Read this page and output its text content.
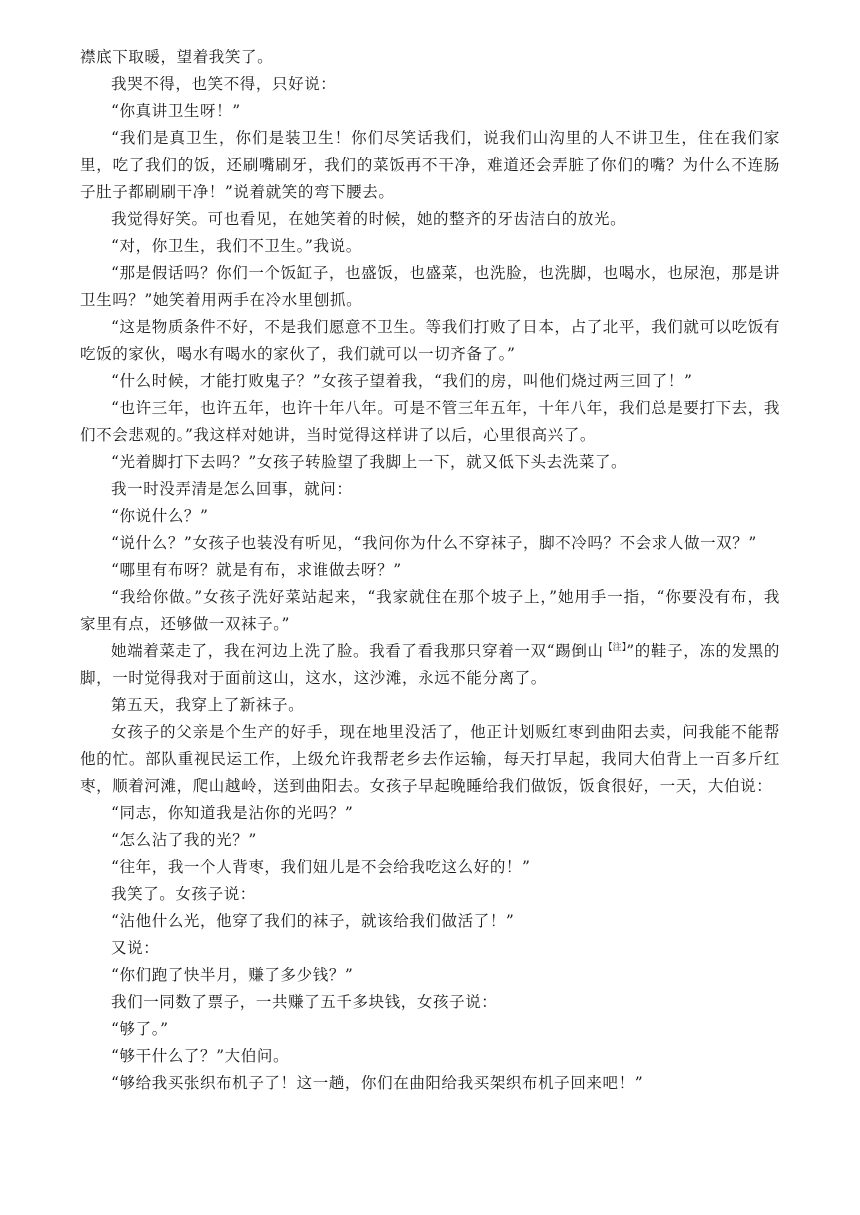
襟底下取暖，望着我笑了。

我哭不得，也笑不得，只好说：

“你真讲卫生呀！”

“我们是真卫生，你们是装卫生！你们尽笑话我们，说我们山沟里的人不讲卫生，住在我们家里，吃了我们的饭，还刷嘴刷牙，我们的菜饭再不干净，难道还会弄脏了你们的嘴？为什么不连肠子肚子都刷刷干净！”说着就笑的弯下腰去。

我觉得好笑。可也看见，在她笑着的时候，她的整齐的牙齿洁白的放光。

“对，你卫生，我们不卫生。”我说。

“那是假话吗？你们一个饭缸子，也盛饭，也盛菜，也洗脸，也洗脚，也喝水，也尿泡，那是讲卫生吗？”她笑着用两手在冷水里刨抓。

“这是物质条件不好，不是我们愿意不卫生。等我们打败了日本，占了北平，我们就可以吃饭有吃饭的家伙，喝水有喝水的家伙了，我们就可以一切齐备了。”

“什么时候，才能打败鬼子？”女孩子望着我，“我们的房，叫他们烧过两三回了！”

“也许三年，也许五年，也许十年八年。可是不管三年五年，十年八年，我们总是要打下去，我们不会悲观的。”我这样对她讲，当时觉得这样讲了以后，心里很高兴了。

“光着脚打下去吗？”女孩子转脸望了我脚上一下，就又低下头去洗菜了。

我一时没弄清是怎么回事，就问：

“你说什么？”

“说什么？”女孩子也装没有听见，“我问你为什么不穿袜子，脚不冷吗？不会求人做一双？”

“哪里有布呀？就是有布，求谁做去呀？”

“我给你做。”女孩子洗好菜站起来，“我家就住在那个坡子上，”她用手一指，“你要没有布，我家里有点，还够做一双袜子。”

她端着菜走了，我在河边上洗了脸。我看了看我那只穿着一双“踢倒山$^{【注】}$”的鞋子，冻的发黑的脚，一时觉得我对于面前这山，这水，这沙滩，永远不能分离了。

第五天，我穿上了新袜子。

女孩子的父亲是个生产的好手，现在地里没活了，他正计划贩红枣到曲阳去卖，问我能不能帮他的忙。部队重视民运工作，上级允许我帮老乡去作运输，每天打早起，我同大伯背上一百多斤红枣，顺着河滩，爬山越岭，送到曲阳去。女孩子早起晚睡给我们做饭，饭食很好，一天，大伯说：

“同志，你知道我是沾你的光吗？”

“怎么沾了我的光？”

“往年，我一个人背枣，我们妞儿是不会给我吃这么好的！”

我笑了。女孩子说：

“沾他什么光，他穿了我们的袜子，就该给我们做活了！”

又说：

“你们跑了快半月，赚了多少钱？”

我们一同数了票子，一共赚了五千多块钱，女孩子说：

“够了。”

“够干什么了？”大伯问。

“够给我买张织布机子了！这一趟，你们在曲阳给我买架织布机子回来吧！”
